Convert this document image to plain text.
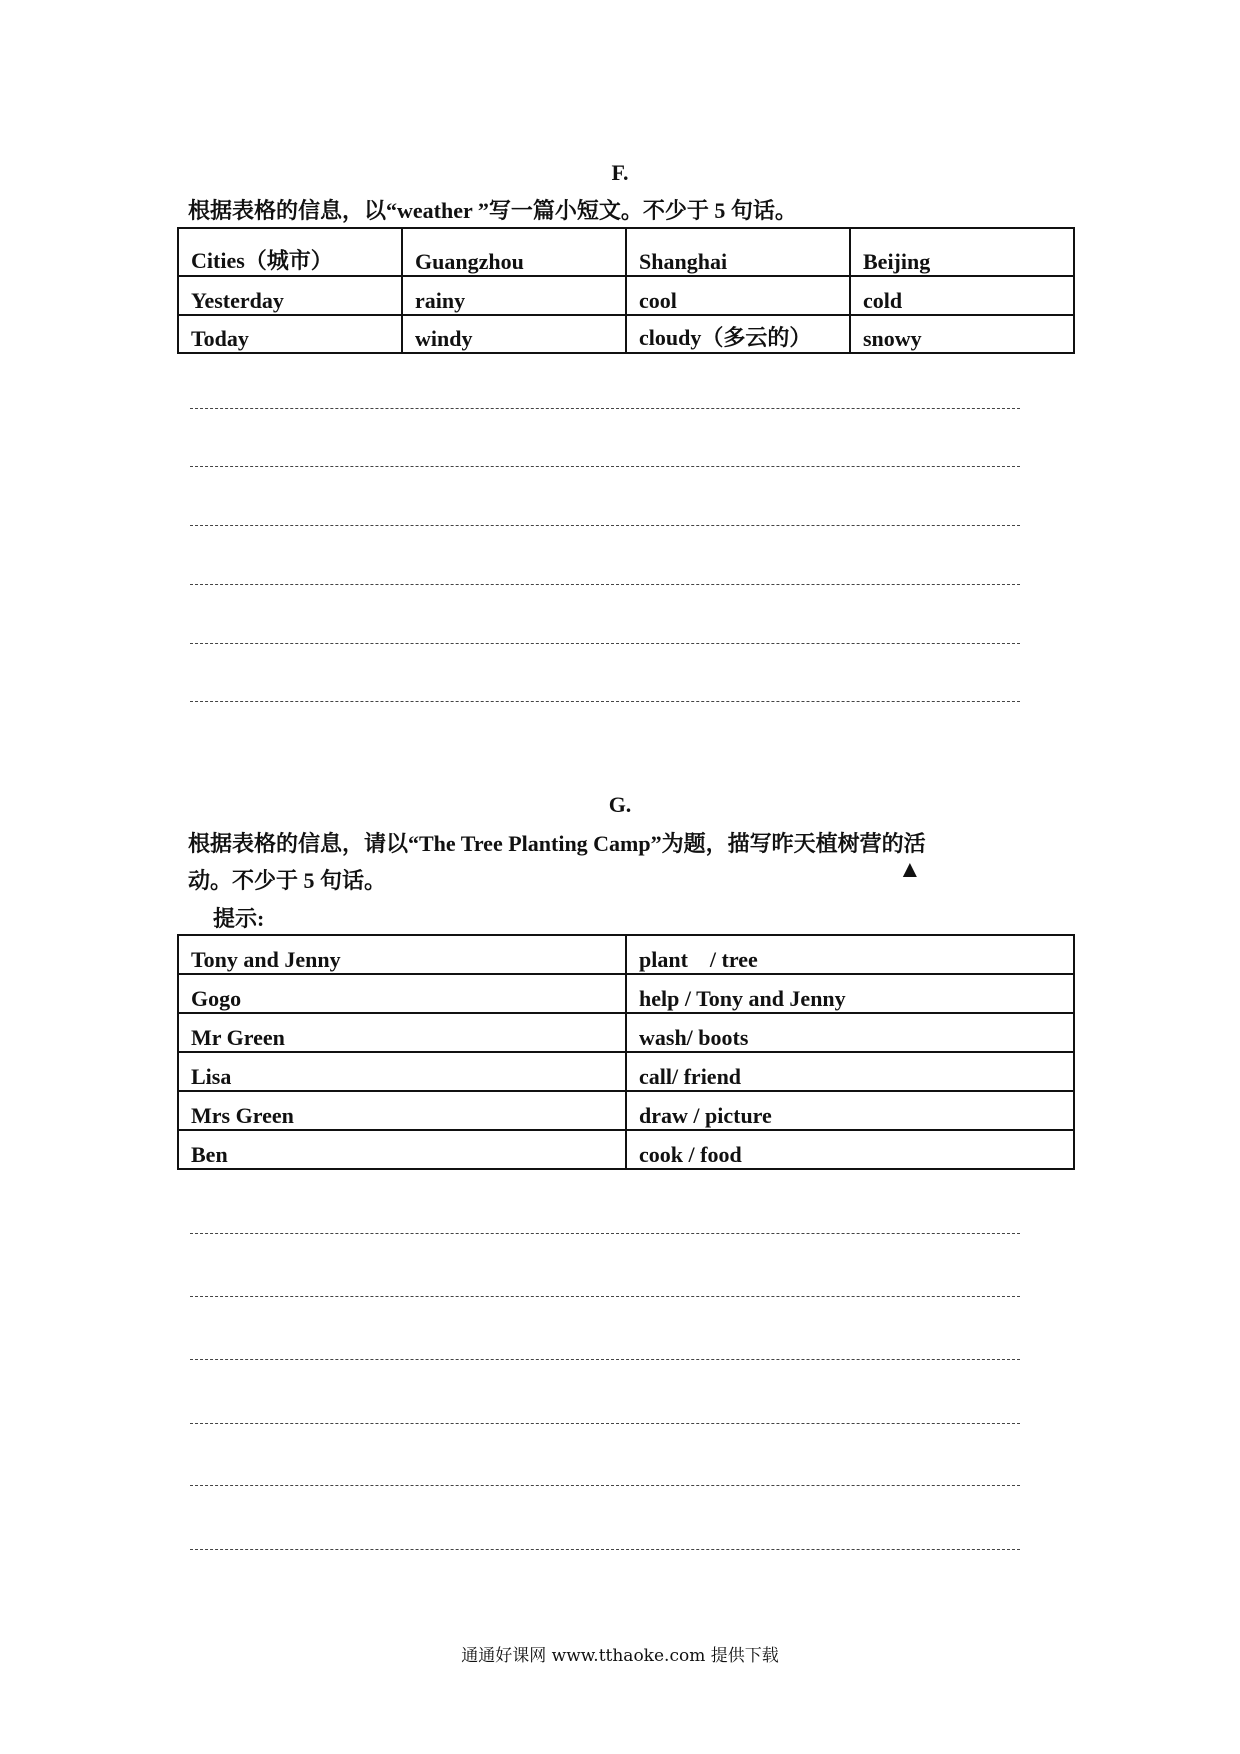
F.
根据表格的信息，以“weather ”写一篇小短文。不少于 5 句话。
Cities（城市）	Guangzhou	Shanghai	Beijing
Yesterday	rainy	cool	cold
Today	windy	cloudy（多云的）	snowy
G.
根据表格的信息，请以“The Tree Planting Camp”为题，描写昨天植树营的活
动。不少于 5 句话。	▲
提示:
Tony and Jenny	plant    / tree
Gogo	help / Tony and Jenny
Mr Green	wash/ boots
Lisa	call/ friend
Mrs Green	draw / picture
Ben	cook / food
通通好课网 www.tthaoke.com 提供下载
